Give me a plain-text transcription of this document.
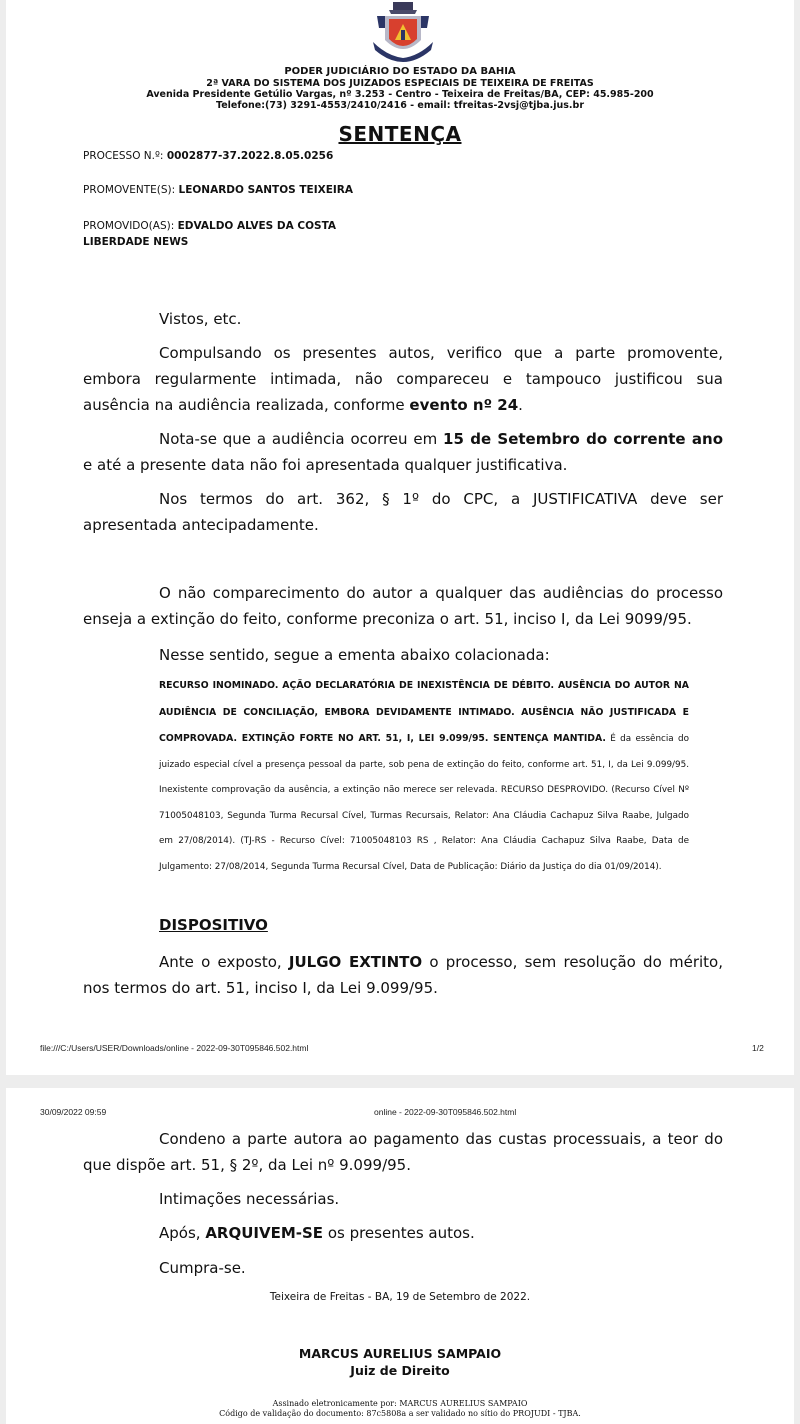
PODER JUDICIÁRIO DO ESTADO DA BAHIA
2ª VARA DO SISTEMA DOS JUIZADOS ESPECIAIS DE TEIXEIRA DE FREITAS
Avenida Presidente Getúlio Vargas, nº 3.253 - Centro - Teixeira de Freitas/BA, CEP: 45.985-200
Telefone:(73) 3291-4553/2410/2416 - email: tfreitas-2vsj@tjba.jus.br
SENTENÇA
PROCESSO N.º: 0002877-37.2022.8.05.0256
PROMOVENTE(S): LEONARDO SANTOS TEIXEIRA
PROMOVIDO(AS): EDVALDO ALVES DA COSTA
LIBERDADE NEWS
Vistos, etc.
Compulsando os presentes autos, verifico que a parte promovente, embora regularmente intimada, não compareceu e tampouco justificou sua ausência na audiência realizada, conforme evento nº 24.
Nota-se que a audiência ocorreu em 15 de Setembro do corrente ano e até a presente data não foi apresentada qualquer justificativa.
Nos termos do art. 362, § 1º do CPC, a JUSTIFICATIVA deve ser apresentada antecipadamente.
O não comparecimento do autor a qualquer das audiências do processo enseja a extinção do feito, conforme preconiza o art. 51, inciso I, da Lei 9099/95.
Nesse sentido, segue a ementa abaixo colacionada:
RECURSO INOMINADO. AÇÃO DECLARATÓRIA DE INEXISTÊNCIA DE DÉBITO. AUSÊNCIA DO AUTOR NA AUDIÊNCIA DE CONCILIAÇÃO, EMBORA DEVIDAMENTE INTIMADO. AUSÊNCIA NÃO JUSTIFICADA E COMPROVADA. EXTINÇÃO FORTE NO ART. 51, I, LEI 9.099/95. SENTENÇA MANTIDA. É da essência do juizado especial cível a presença pessoal da parte, sob pena de extinção do feito, conforme art. 51, I, da Lei 9.099/95. Inexistente comprovação da ausência, a extinção não merece ser relevada. RECURSO DESPROVIDO. (Recurso Cível Nº 71005048103, Segunda Turma Recursal Cível, Turmas Recursais, Relator: Ana Cláudia Cachapuz Silva Raabe, Julgado em 27/08/2014). (TJ-RS - Recurso Cível: 71005048103 RS , Relator: Ana Cláudia Cachapuz Silva Raabe, Data de Julgamento: 27/08/2014, Segunda Turma Recursal Cível, Data de Publicação: Diário da Justiça do dia 01/09/2014).
DISPOSITIVO
Ante o exposto, JULGO EXTINTO o processo, sem resolução do mérito, nos termos do art. 51, inciso I, da Lei 9.099/95.
file:///C:/Users/USER/Downloads/online - 2022-09-30T095846.502.html	1/2
30/09/2022 09:59	online - 2022-09-30T095846.502.html
Condeno a parte autora ao pagamento das custas processuais, a teor do que dispõe art. 51, § 2º, da Lei nº 9.099/95.
Intimações necessárias.
Após, ARQUIVEM-SE os presentes autos.
Cumpra-se.
Teixeira de Freitas - BA, 19 de Setembro de 2022.
MARCUS AURELIUS SAMPAIO
Juiz de Direito
Assinado eletronicamente por: MARCUS AURELIUS SAMPAIO
Código de validação do documento: 87c5808a a ser validado no sítio do PROJUDI - TJBA.
